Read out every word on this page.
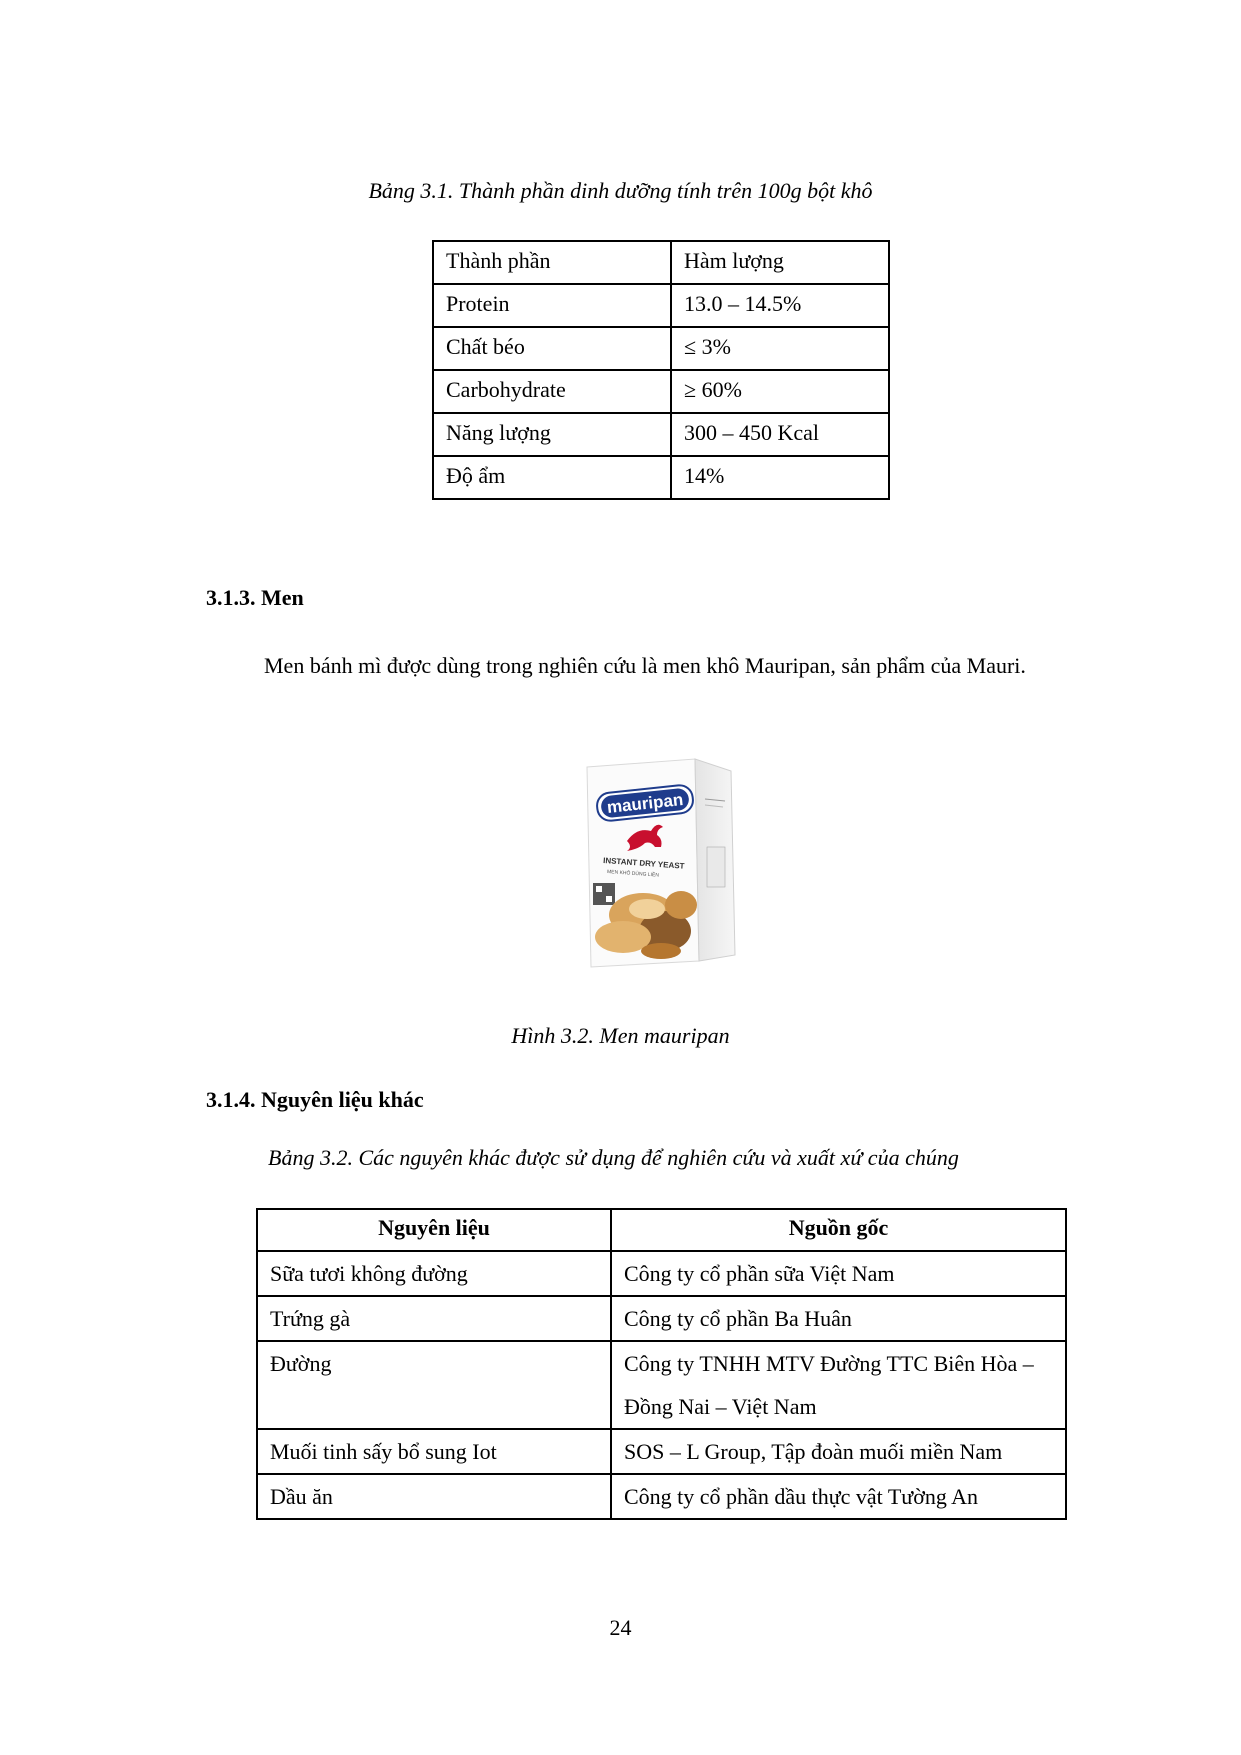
Bảng 3.1. Thành phần dinh dưỡng tính trên 100g bột khô
Thành phần	Hàm lượng
Protein	13.0 – 14.5%
Chất béo	≤ 3%
Carbohydrate	≥ 60%
Năng lượng	300 – 450 Kcal
Độ ẩm	14%
3.1.3. Men
Men bánh mì được dùng trong nghiên cứu là men khô Mauripan, sản phẩm của Mauri.
mauripan
INSTANT DRY YEAST
MEN KHÔ DÙNG LIỀN
Hình 3.2. Men mauripan
3.1.4. Nguyên liệu khác
Bảng 3.2. Các nguyên khác được sử dụng để nghiên cứu và xuất xứ của chúng
Nguyên liệu	Nguồn gốc
Sữa tươi không đường	Công ty cổ phần sữa Việt Nam
Trứng gà	Công ty cổ phần Ba Huân
Đường	Công ty TNHH MTV Đường TTC Biên Hòa – Đồng Nai – Việt Nam
Muối tinh sấy bổ sung Iot	SOS – L Group, Tập đoàn muối miền Nam
Dầu ăn	Công ty cổ phần dầu thực vật Tường An
24
